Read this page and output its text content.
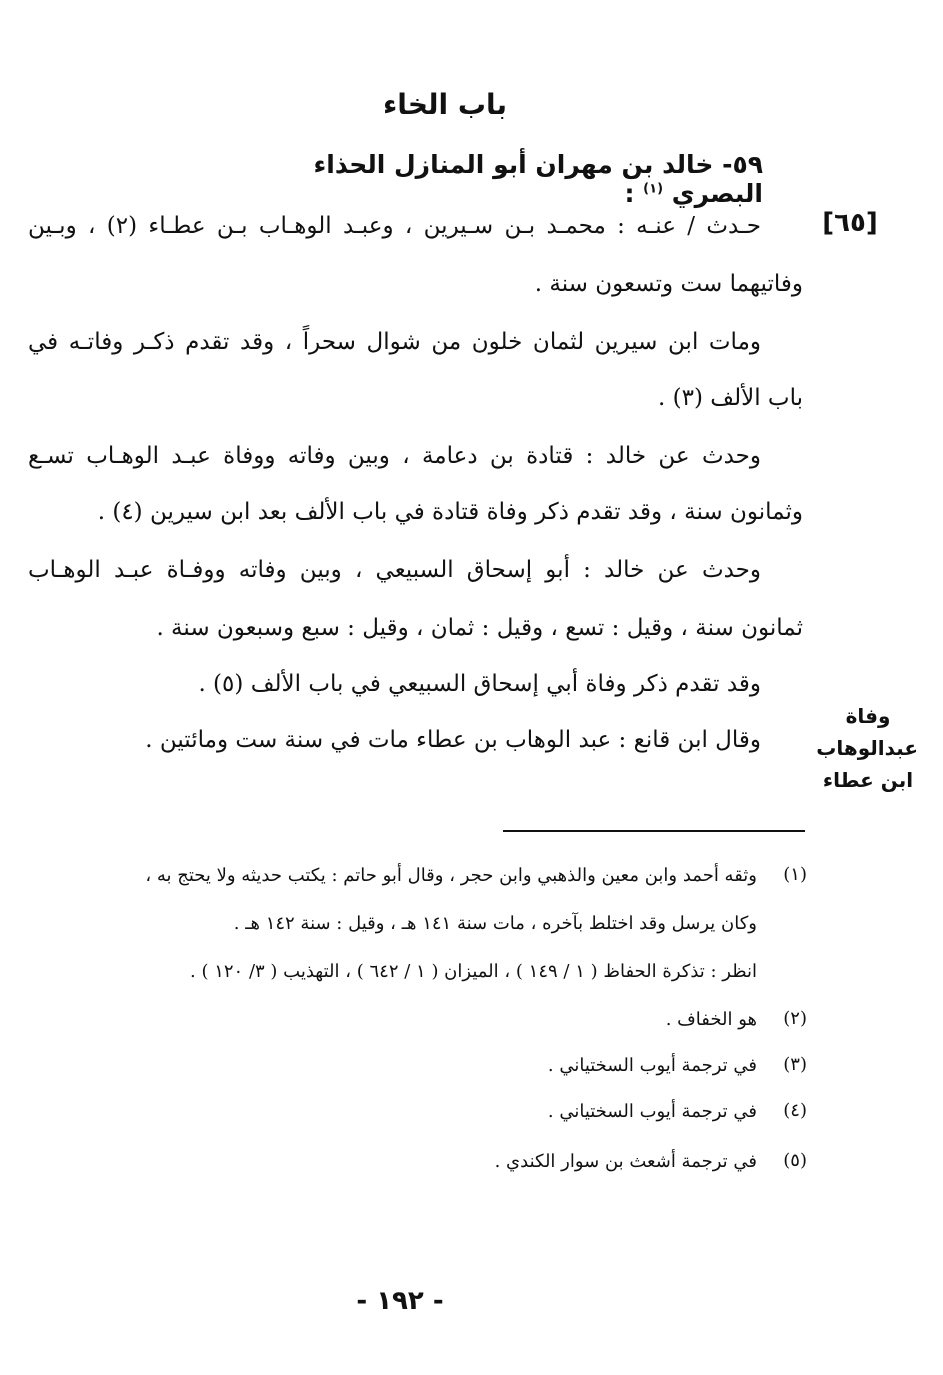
باب الخاء
٥٩- خالد بن مهران أبو المنازل الحذاء البصري $^{(١)}$ :
[٦٥]
حـدث / عنـه : محمـد بـن سـيرين ، وعبـد الوهـاب بـن عطـاء (٢) ، وبـين
وفاتيهما ست وتسعون سنة .
ومات ابن سيرين لثمان خلون من شوال سحراً ، وقد تقدم ذكـر وفاتـه في
باب الألف (٣) .
وحدث عن خالد : قتادة بن دعامة ، وبين وفاته ووفاة عبـد الوهـاب تسـع
وثمانون سنة ، وقد تقدم ذكر وفاة قتادة في باب الألف بعد ابن سيرين (٤) .
وحدث عن خالد : أبو إسحاق السبيعي ، وبين وفاته ووفـاة عبـد الوهـاب
ثمانون سنة ، وقيل : تسع ، وقيل : ثمان ، وقيل : سبع وسبعون سنة .
وقد تقدم ذكر وفاة أبي إسحاق السبيعي في باب الألف (٥) .
وقال ابن قانع : عبد الوهاب بن عطاء مات في سنة ست ومائتين .
وفاة
عبدالوهاب
ابن عطاء
(١)
وثقه أحمد وابن معين والذهبي وابن حجر ، وقال أبو حاتم : يكتب حديثه ولا يحتج به ،
وكان يرسل وقد اختلط بآخره ، مات سنة ١٤١ هـ ، وقيل : سنة ١٤٢ هـ .
انظر : تذكرة الحفاظ ( ١ / ١٤٩ ) ، الميزان ( ١ / ٦٤٢ ) ، التهذيب ( ٣/ ١٢٠ ) .
(٢)
هو الخفاف .
(٣)
في ترجمة أيوب السختياني .
(٤)
في ترجمة أيوب السختياني .
(٥)
في ترجمة أشعث بن سوار الكندي .
- ١٩٢ -
